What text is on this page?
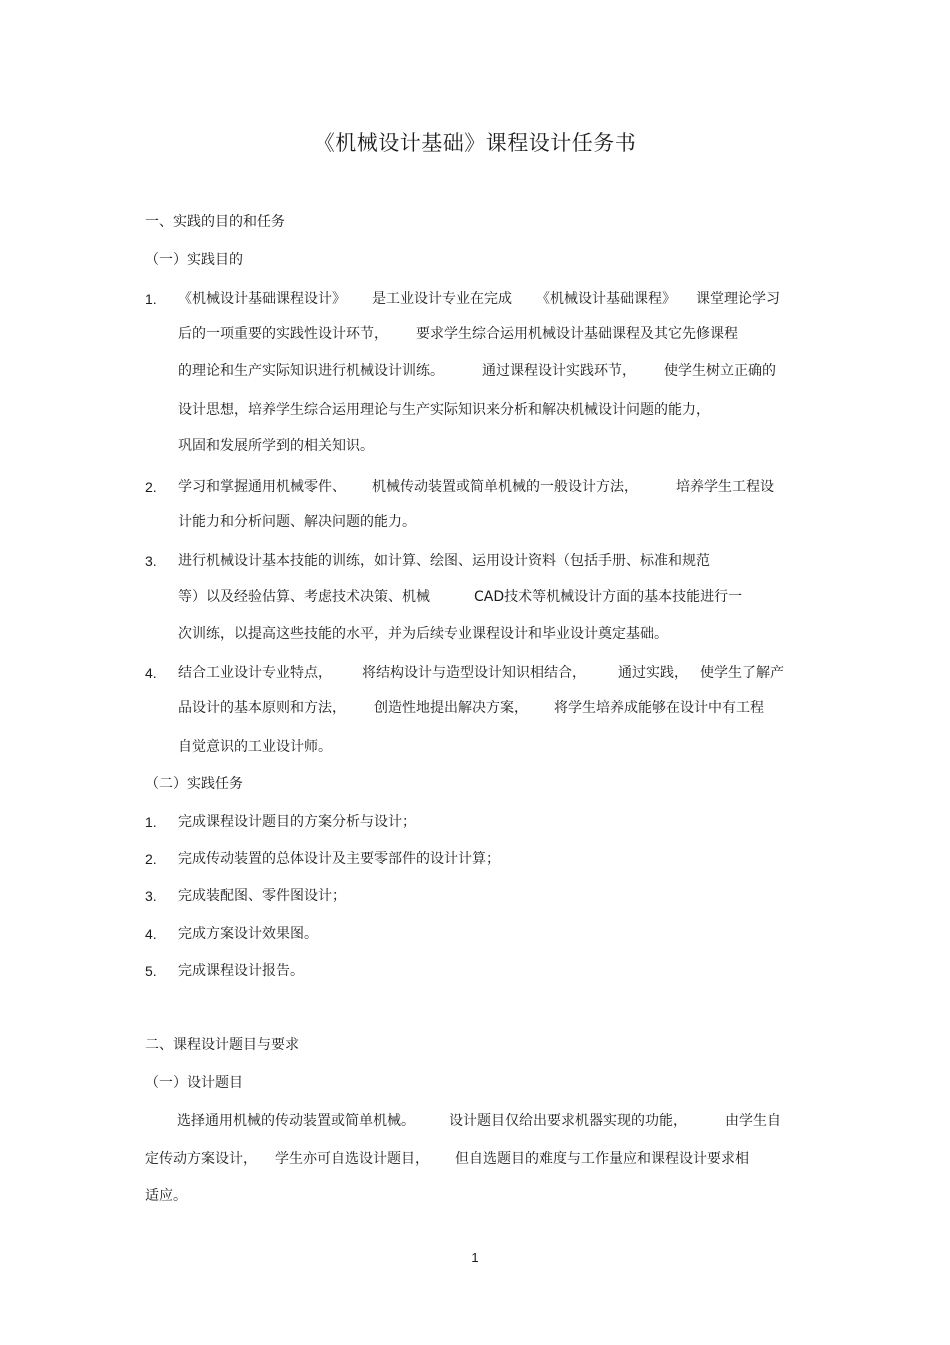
《机械设计基础》课程设计任务书
一、实践的目的和任务
（一）实践目的
1. 《机械设计基础课程设计》 是工业设计专业在完成 《机械设计基础课程》 课堂理论学习
后的一项重要的实践性设计环节， 要求学生综合运用机械设计基础课程及其它先修课程
的理论和生产实际知识进行机械设计训练。	通过课程设计实践环节， 使学生树立正确的
设计思想，培养学生综合运用理论与生产实际知识来分析和解决机械设计问题的能力，
巩固和发展所学到的相关知识。
2. 学习和掌握通用机械零件、 机械传动装置或简单机械的一般设计方法，	培养学生工程设
计能力和分析问题、解决问题的能力。
3. 进行机械设计基本技能的训练，如计算、绘图、运用设计资料（包括手册、标准和规范
等）以及经验估算、考虑技术决策、机械	CAD技术等机械设计方面的基本技能进行一
次训练，以提高这些技能的水平，并为后续专业课程设计和毕业设计奠定基础。
4. 结合工业设计专业特点， 将结构设计与造型设计知识相结合， 通过实践， 使学生了解产
品设计的基本原则和方法， 创造性地提出解决方案， 将学生培养成能够在设计中有工程
自觉意识的工业设计师。
（二）实践任务
1. 完成课程设计题目的方案分析与设计；
2. 完成传动装置的总体设计及主要零部件的设计计算；
3. 完成装配图、零件图设计；
4. 完成方案设计效果图。
5. 完成课程设计报告。
二、课程设计题目与要求
（一）设计题目
选择通用机械的传动装置或简单机械。 设计题目仅给出要求机器实现的功能，	由学生自
定传动方案设计， 学生亦可自选设计题目， 但自选题目的难度与工作量应和课程设计要求相
适应。
1
